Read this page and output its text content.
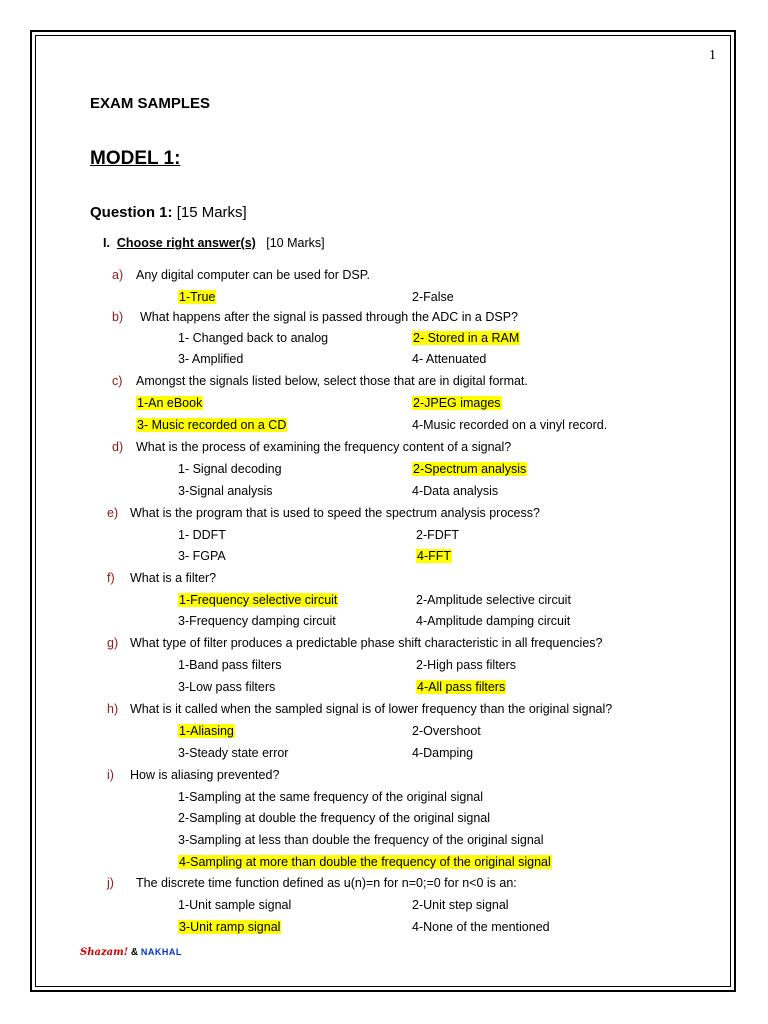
1
EXAM SAMPLES
MODEL 1:
Question 1: [15 Marks]
I. Choose right answer(s) [10 Marks]
a) Any digital computer can be used for DSP.
1-True	2-False
b) What happens after the signal is passed through the ADC in a DSP?
1- Changed back to analog	2- Stored in a RAM
3- Amplified	4- Attenuated
c) Amongst the signals listed below, select those that are in digital format.
1-An eBook	2-JPEG images
3- Music recorded on a CD	4-Music recorded on a vinyl record.
d) What is the process of examining the frequency content of a signal?
1- Signal decoding	2-Spectrum analysis
3-Signal analysis	4-Data analysis
e) What is the program that is used to speed the spectrum analysis process?
1- DDFT	2-FDFT
3- FGPA	4-FFT
f) What is a filter?
1-Frequency selective circuit	2-Amplitude selective circuit
3-Frequency damping circuit	4-Amplitude damping circuit
g) What type of filter produces a predictable phase shift characteristic in all frequencies?
1-Band pass filters	2-High pass filters
3-Low pass filters	4-All pass filters
h) What is it called when the sampled signal is of lower frequency than the original signal?
1-Aliasing	2-Overshoot
3-Steady state error	4-Damping
i) How is aliasing prevented?
1-Sampling at the same frequency of the original signal
2-Sampling at double the frequency of the original signal
3-Sampling at less than double the frequency of the original signal
4-Sampling at more than double the frequency of the original signal
j) The discrete time function defined as u(n)=n for n=0;=0 for n<0 is an:
1-Unit sample signal	2-Unit step signal
3-Unit ramp signal	4-None of the mentioned
Shazam! & NAKHAL
